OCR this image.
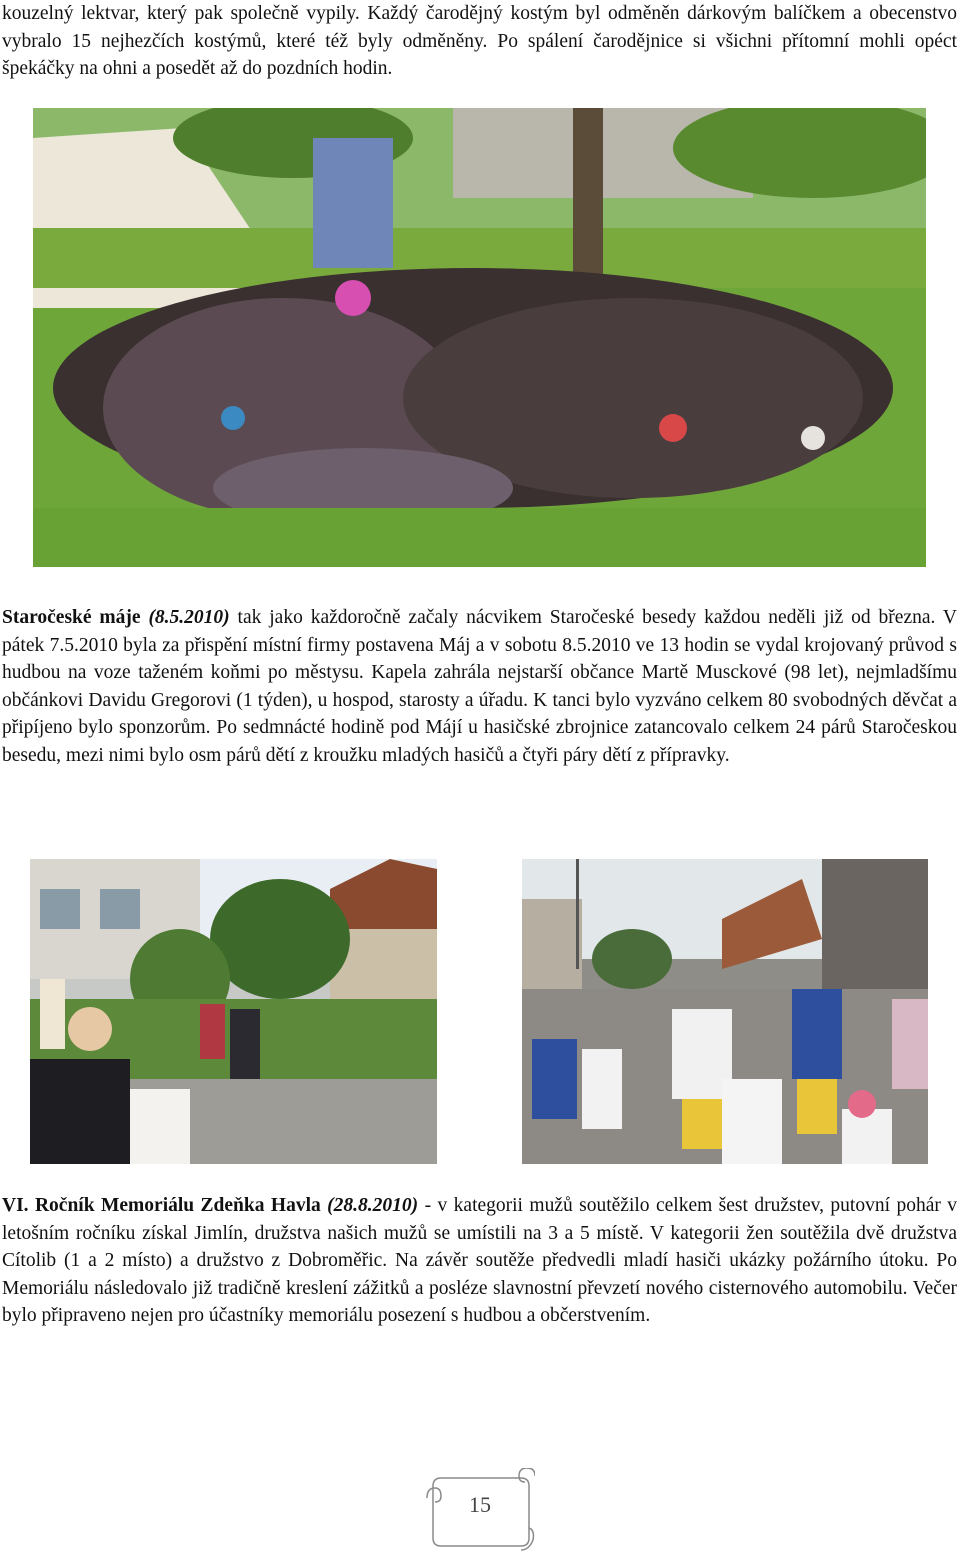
kouzelný lektvar, který pak společně vypily. Každý čarodějný kostým byl odměněn dárkovým balíčkem a obecenstvo vybralo 15 nejhezčích kostýmů, které též byly odměněny. Po spálení čarodějnice si všichni přítomní mohli opéct špekáčky na ohni a posedět až do pozdních hodin.

Staročeské máje (8.5.2010) tak jako každoročně začaly nácvikem Staročeské besedy každou neděli již od března. V pátek 7.5.2010 byla za přispění místní firmy postavena Máj a v sobotu 8.5.2010 ve 13 hodin se vydal krojovaný průvod s hudbou na voze taženém koňmi po městysu. Kapela zahrála nejstarší občance Martě Musckové (98 let), nejmladšímu občánkovi Davidu Gregorovi (1 týden), u hospod, starosty a úřadu. K tanci bylo vyzváno celkem 80 svobodných děvčat a připíjeno bylo sponzorům. Po sedmnácté hodině pod Májí u hasičské zbrojnice zatancovalo celkem 24 párů Staročeskou besedu, mezi nimi bylo osm párů dětí z kroužku mladých hasičů a čtyři páry dětí z přípravky.

VI. Ročník Memoriálu Zdeňka Havla (28.8.2010) - v kategorii mužů soutěžilo celkem šest družstev, putovní pohár v letošním ročníku získal Jimlín, družstva našich mužů se umístili na 3 a 5 místě. V kategorii žen soutěžila dvě družstva Cítolib (1 a 2 místo) a družstvo z Dobroměřic. Na závěr soutěže předvedli mladí hasiči ukázky požárního útoku. Po Memoriálu následovalo již tradičně kreslení zážitků a posléze slavnostní převzetí nového cisternového automobilu. Večer bylo připraveno nejen pro účastníky memoriálu posezení s hudbou a občerstvením.

15
